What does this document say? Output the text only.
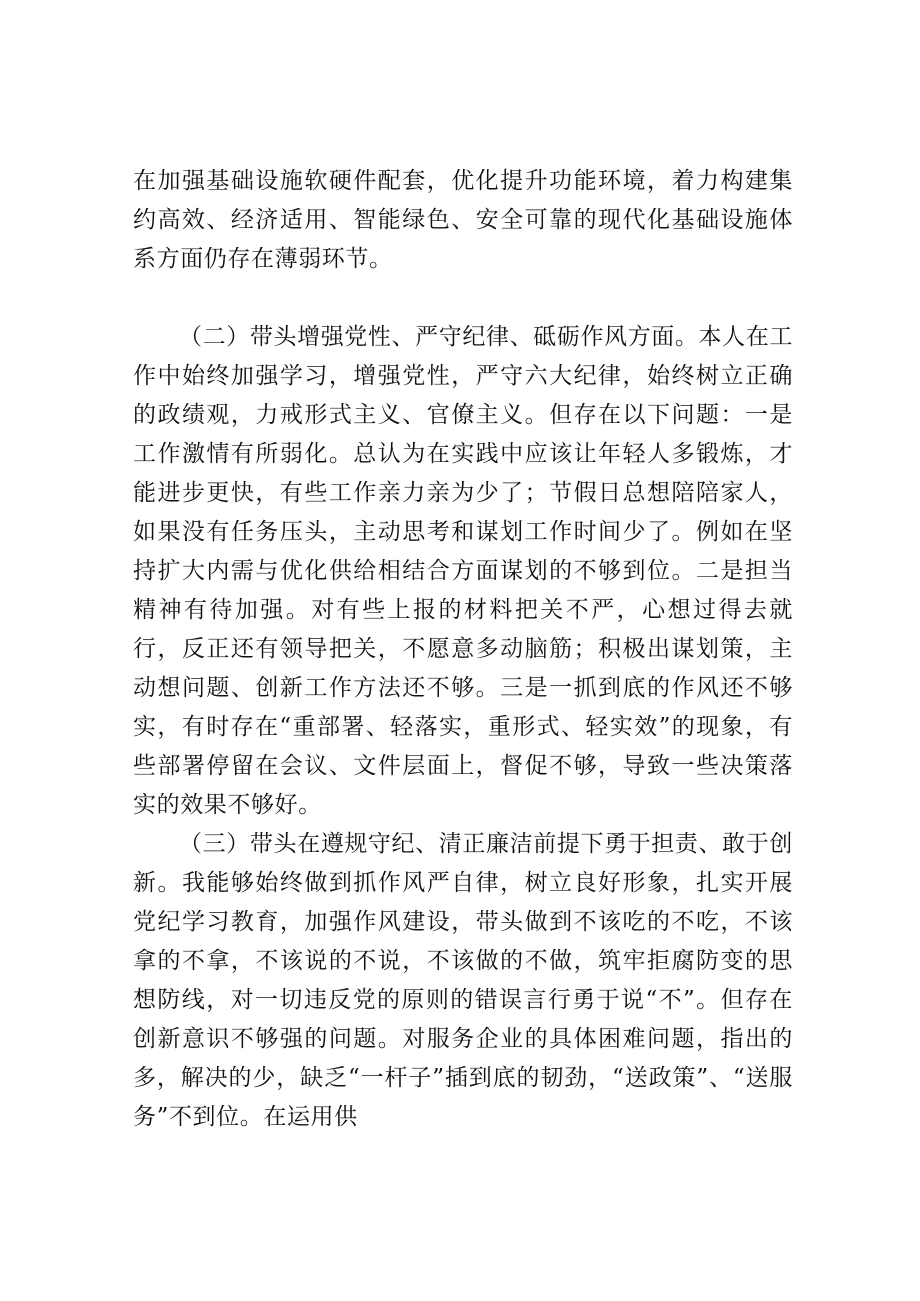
在加强基础设施软硬件配套，优化提升功能环境，着力构建集约高效、经济适用、智能绿色、安全可靠的现代化基础设施体系方面仍存在薄弱环节。

（二）带头增强党性、严守纪律、砥砺作风方面。本人在工作中始终加强学习，增强党性，严守六大纪律，始终树立正确的政绩观，力戒形式主义、官僚主义。但存在以下问题：一是工作激情有所弱化。总认为在实践中应该让年轻人多锻炼，才能进步更快，有些工作亲力亲为少了；节假日总想陪陪家人，如果没有任务压头，主动思考和谋划工作时间少了。例如在坚持扩大内需与优化供给相结合方面谋划的不够到位。二是担当精神有待加强。对有些上报的材料把关不严，心想过得去就行，反正还有领导把关，不愿意多动脑筋；积极出谋划策，主动想问题、创新工作方法还不够。三是一抓到底的作风还不够实，有时存在“重部署、轻落实，重形式、轻实效”的现象，有些部署停留在会议、文件层面上，督促不够，导致一些决策落实的效果不够好。

（三）带头在遵规守纪、清正廉洁前提下勇于担责、敢于创新。我能够始终做到抓作风严自律，树立良好形象，扎实开展党纪学习教育，加强作风建设，带头做到不该吃的不吃，不该拿的不拿，不该说的不说，不该做的不做，筑牢拒腐防变的思想防线，对一切违反党的原则的错误言行勇于说“不”。但存在创新意识不够强的问题。对服务企业的具体困难问题，指出的多，解决的少，缺乏“一杆子”插到底的韧劲，“送政策”、“送服务”不到位。在运用供
